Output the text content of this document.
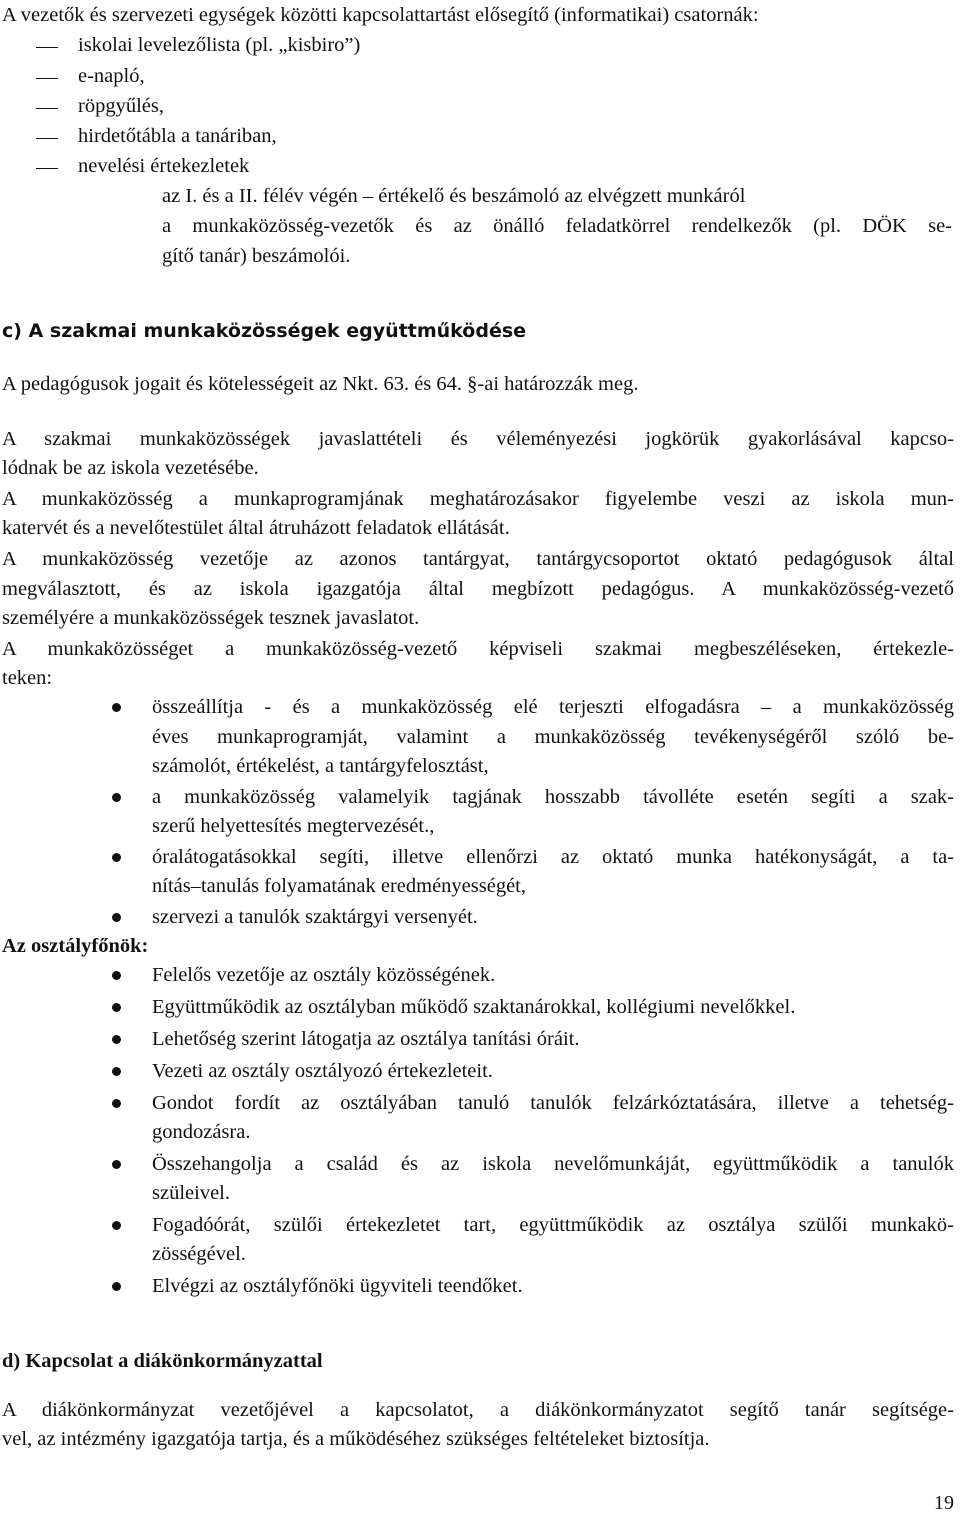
A vezetők és szervezeti egységek közötti kapcsolattartást elősegítő (informatikai) csatornák:
iskolai levelezőlista (pl. „kisbiro”)
e-napló,
röpgyűlés,
hirdetőtábla a tanáriban,
nevelési értekezletek
az I. és a II. félév végén – értékelő és beszámoló az elvégzett munkáról
a munkaközösség-vezetők és az önálló feladatkörrel rendelkezők (pl. DÖK se-
gítő tanár) beszámolói.
c) A szakmai munkaközösségek együttműködése
A pedagógusok jogait és kötelességeit az Nkt. 63. és 64. §-ai határozzák meg.
A szakmai munkaközösségek javaslattételi és véleményezési jogkörük gyakorlásával kapcso-
lódnak be az iskola vezetésébe.
A munkaközösség a munkaprogramjának meghatározásakor figyelembe veszi az iskola mun-
katervét és a nevelőtestület által átruházott feladatok ellátását.
A munkaközösség vezetője az azonos tantárgyat, tantárgycsoportot oktató pedagógusok által
megválasztott, és az iskola igazgatója által megbízott pedagógus. A munkaközösség-vezető
személyére a munkaközösségek tesznek javaslatot.
A munkaközösséget a munkaközösség-vezető képviseli szakmai megbeszéléseken, értekezle-
teken:
összeállítja - és a munkaközösség elé terjeszti elfogadásra – a munkaközösség
éves munkaprogramját, valamint a munkaközösség tevékenységéről szóló be-
számolót, értékelést, a tantárgyfelosztást,
a munkaközösség valamelyik tagjának hosszabb távolléte esetén segíti a szak-
szerű helyettesítés megtervezését.,
óralátogatásokkal segíti, illetve ellenőrzi az oktató munka hatékonyságát, a ta-
nítás–tanulás folyamatának eredményességét,
szervezi a tanulók szaktárgyi versenyét.
Az osztályfőnök:
Felelős vezetője az osztály közösségének.
Együttműködik az osztályban működő szaktanárokkal, kollégiumi nevelőkkel.
Lehetőség szerint látogatja az osztálya tanítási óráit.
Vezeti az osztály osztályozó értekezleteit.
Gondot fordít az osztályában tanuló tanulók felzárkóztatására, illetve a tehetség-
gondozásra.
Összehangolja a család és az iskola nevelőmunkáját, együttműködik a tanulók
szüleivel.
Fogadóórát, szülői értekezletet tart, együttműködik az osztálya szülői munkakö-
zösségével.
Elvégzi az osztályfőnöki ügyviteli teendőket.
d) Kapcsolat a diákönkormányzattal
A diákönkormányzat vezetőjével a kapcsolatot, a diákönkormányzatot segítő tanár segítsége-
vel, az intézmény igazgatója tartja, és a működéséhez szükséges feltételeket biztosítja.
19
